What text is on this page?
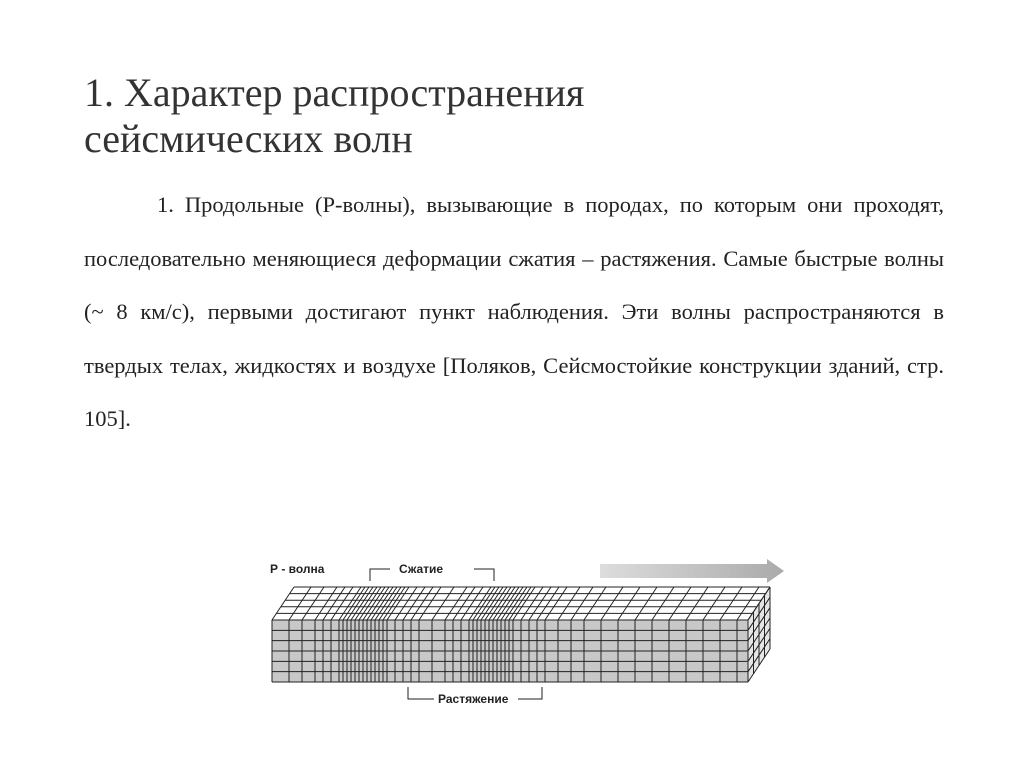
1. Характер распространения
сейсмических волн

1. Продольные (Р-волны), вызывающие в породах, по которым они проходят, последовательно меняющиеся деформации сжатия – растяжения. Самые быстрые волны (~ 8 км/с), первыми достигают пункт наблюдения. Эти волны распространяются в твердых телах, жидкостях и воздухе [Поляков, Сейсмостойкие конструкции зданий, стр. 105].

Р - волна	Сжатие
Растяжение
